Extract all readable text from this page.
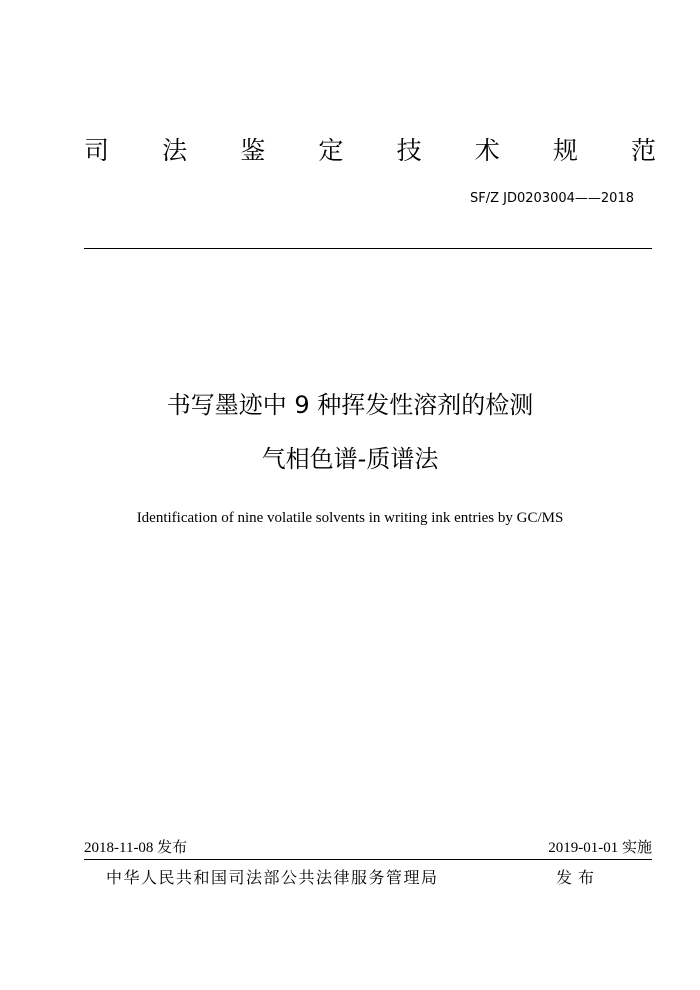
司 法 鉴 定 技 术 规 范
SF/Z JD0203004——2018
书写墨迹中 9 种挥发性溶剂的检测
气相色谱-质谱法
Identification of nine volatile solvents in writing ink entries by GC/MS
2018-11-08 发布	2019-01-01 实施
中华人民共和国司法部公共法律服务管理局	发布
